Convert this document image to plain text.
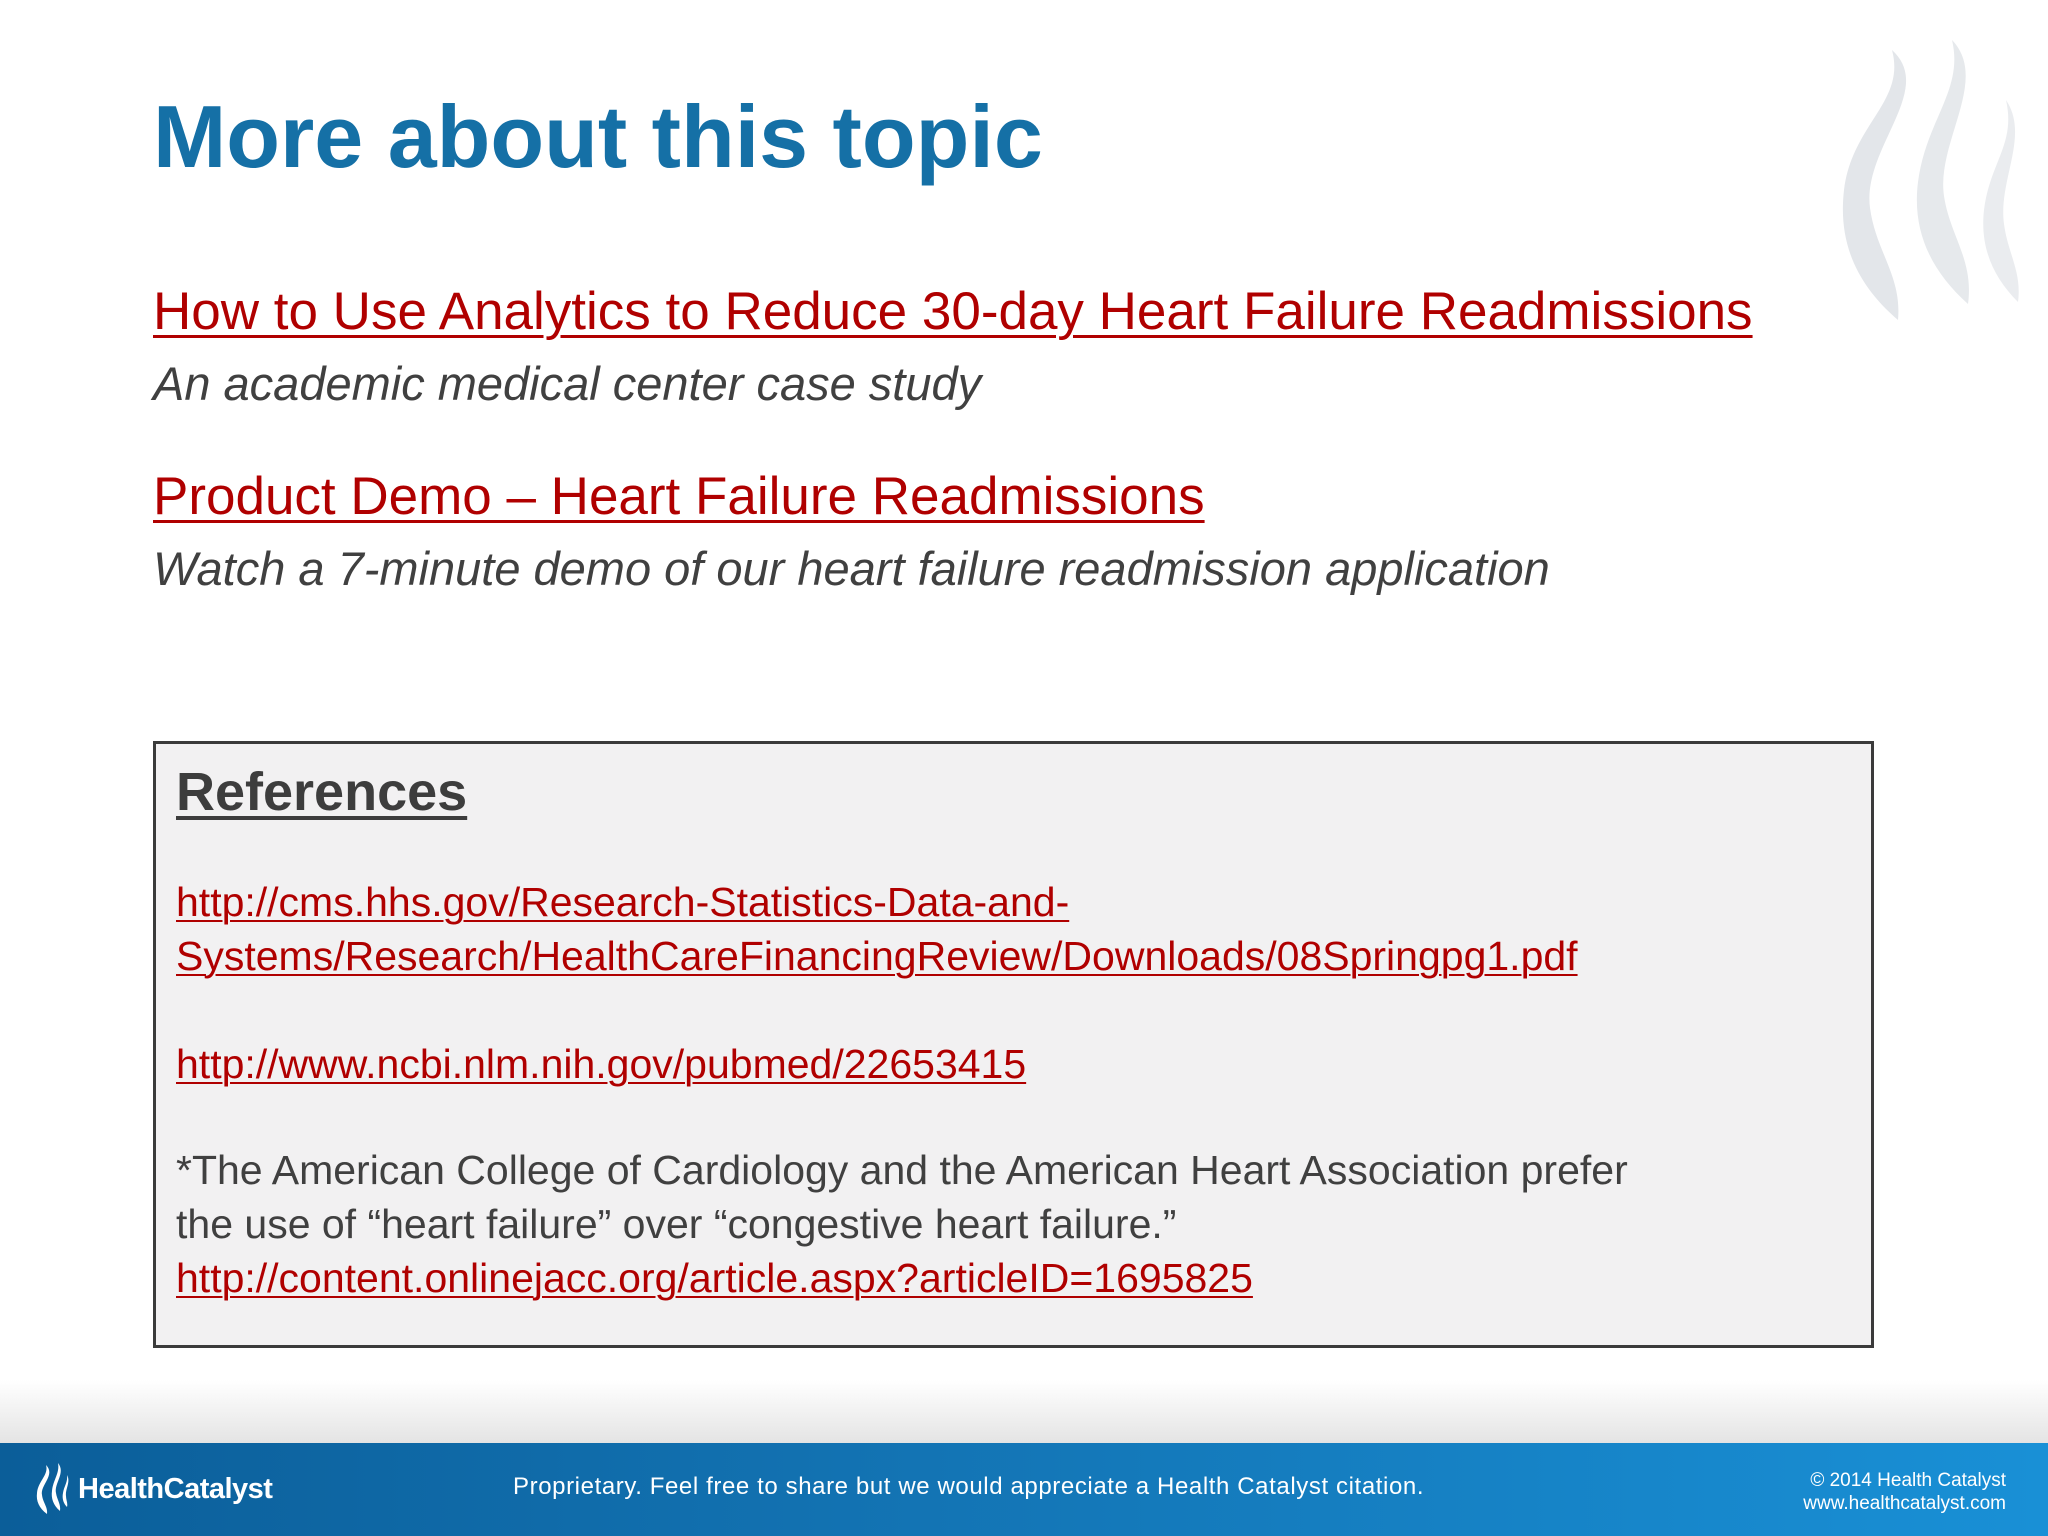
More about this topic
How to Use Analytics to Reduce 30-day Heart Failure Readmissions
An academic medical center case study
Product Demo – Heart Failure Readmissions
Watch a 7-minute demo of our heart failure readmission application
References
http://cms.hhs.gov/Research-Statistics-Data-and-
Systems/Research/HealthCareFinancingReview/Downloads/08Springpg1.pdf
http://www.ncbi.nlm.nih.gov/pubmed/22653415
*The American College of Cardiology and the American Heart Association prefer
the use of “heart failure” over “congestive heart failure.”

http://content.onlinejacc.org/article.aspx?articleID=1695825
HealthCatalyst	Proprietary. Feel free to share but we would appreciate a Health Catalyst citation.	© 2014 Health Catalyst
www.healthcatalyst.com
